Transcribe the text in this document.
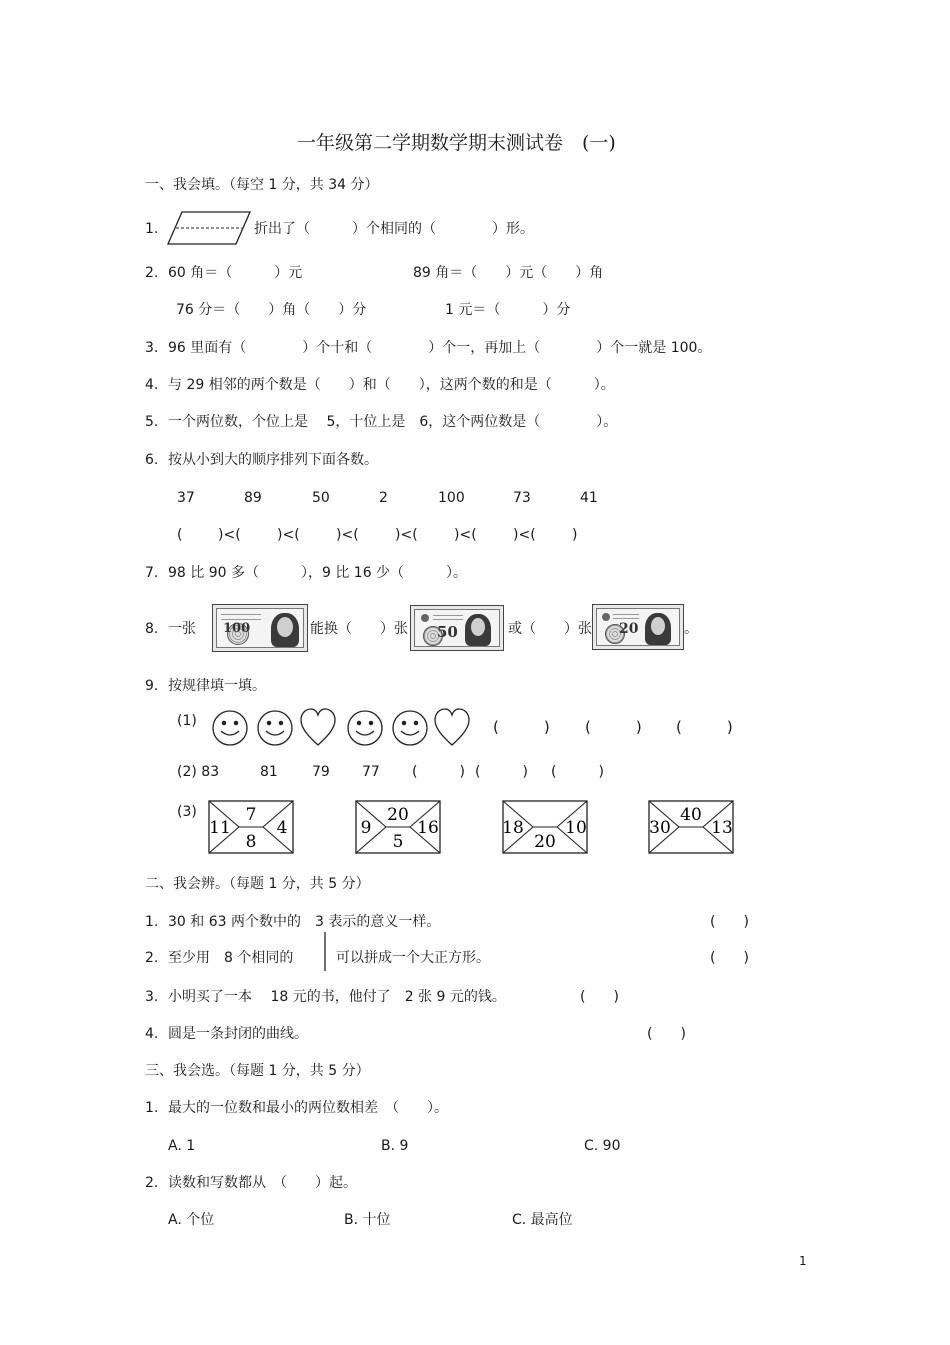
一年级第二学期数学期末测试卷　(一)
一、我会填。（每空 1 分，共 34 分）
1.	折出了（　　　）个相同的（　　　　）形。
2. 60 角＝（　　　）元	89 角＝（　　）元（　　）角
76 分＝（　　）角（　　）分	1 元＝（　　　）分
3. 96 里面有（　　　　）个十和（　　　　）个一，再加上（　　　　）个一就是 100。
4. 与 29 相邻的两个数是（　　）和（　　），这两个数的和是（　　　）。
5. 一个两位数，个位上是　 5，十位上是　6，这个两位数是（　　　　）。
6. 按从小到大的顺序排列下面各数。
37	89	50	2	100	73	41
(	)<(	)<(	)<(	)<(	)<(	)<(	)
7. 98 比 90 多（　　　），9 比 16 少（　　　）。
8. 一张 100	能换（　　）张 50	或（　　）张 20	。
9. 按规律填一填。
(1)	(　　　) (　　　) (　　　)
(2) 83	81 79 77 (　　　) (　　　) (　　　)
(3)	7
11	4
8
20
9	16
5
18 10
20
40
30 13
二、我会辨。（每题 1 分，共 5 分）
1. 30 和 63 两个数中的　3 表示的意义一样。	(　　)
2. 至少用　8 个相同的	可以拼成一个大正方形。	(　　)
3. 小明买了一本　 18 元的书，他付了　2 张 9 元的钱。	(　　)
4. 圆是一条封闭的曲线。	(　　)
三、我会选。（每题 1 分，共 5 分）
1. 最大的一位数和最小的两位数相差　（　　）。
A. 1	B. 9	C. 90
2. 读数和写数都从　（　　）起。
A. 个位	B. 十位	C. 最高位
1
